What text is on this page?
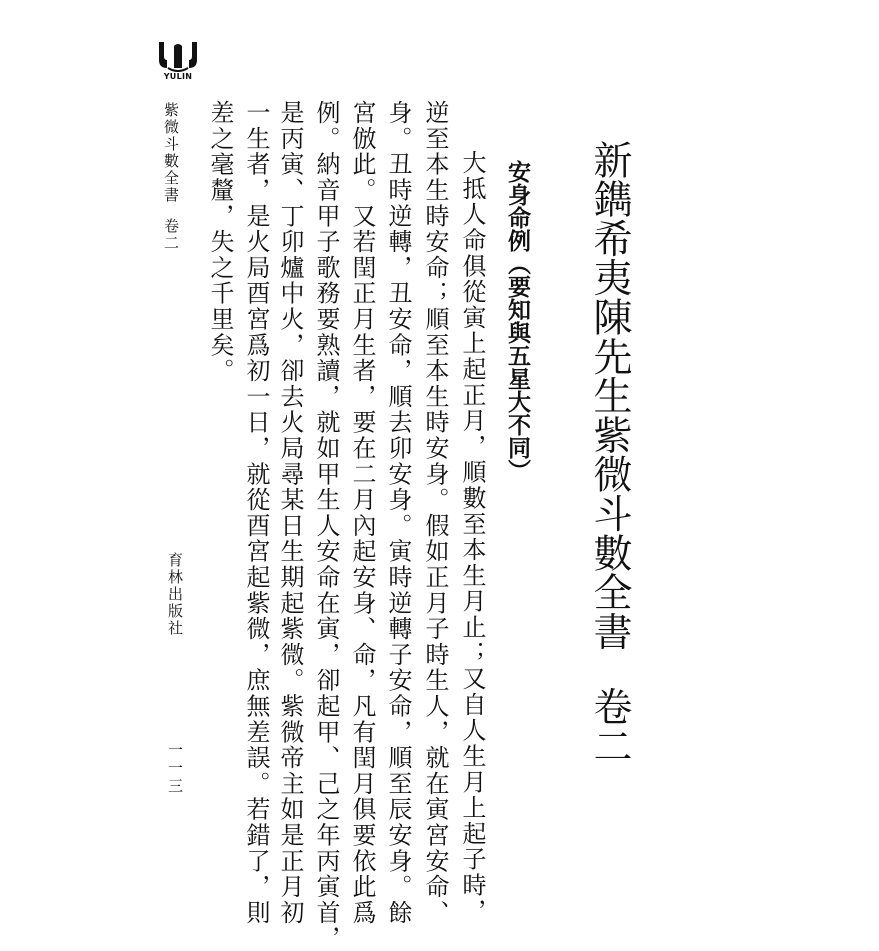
YULIN
新鐫希夷陳先生紫微斗數全書卷二
安身命例（要知與五星大不同）
大抵人命俱從寅上起正月，順數至本生月止；又自人生月上起子時，
逆至本生時安命；順至本生時安身。假如正月子時生人，就在寅宮安命、
身。丑時逆轉，丑安命，順去卯安身。寅時逆轉子安命，順至辰安身。餘
宮倣此。又若閏正月生者，要在二月內起安身、命，凡有閏月俱要依此爲
例。納音甲子歌務要熟讀，就如甲生人安命在寅，卻起甲、己之年丙寅首，
是丙寅、丁卯爐中火，卻去火局尋某日生期起紫微。紫微帝主如是正月初
一生者，是火局酉宮爲初一日，就從酉宮起紫微，庶無差誤。若錯了，則
差之毫釐，失之千里矣。
紫微斗數全書卷二
育林出版社
一一三
